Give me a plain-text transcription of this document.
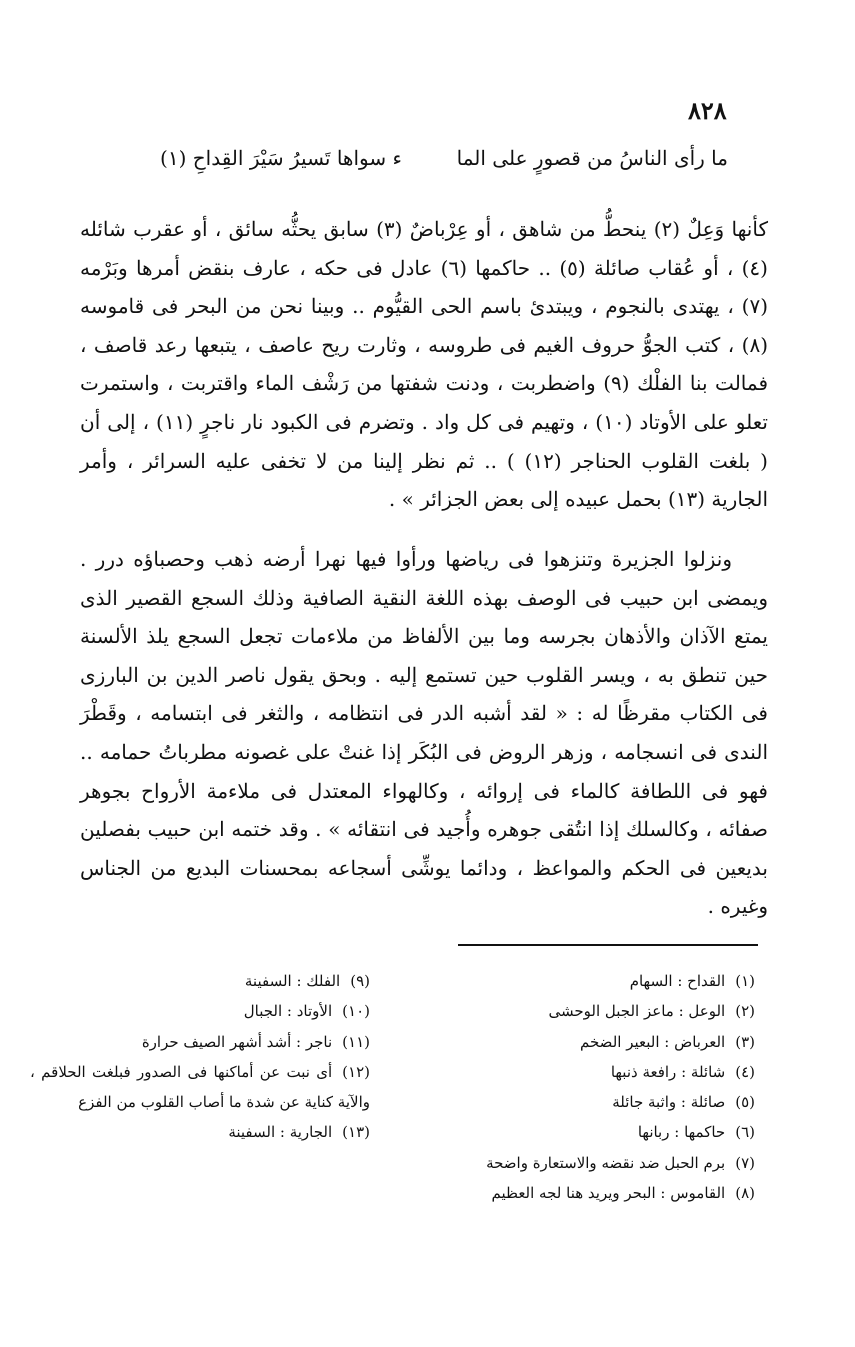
٨٢٨
ما رأى الناسُ من قصورٍ على الما
ء سواها تَسيرُ سَيْرَ القِداحِ (١)

كأنها وَعِلٌ (٢) ينحطُّ من شاهق ، أو عِرْباضٌ (٣) سابق يحثُّه سائق ، أو عقرب شائله (٤) ، أو عُقاب صائلة (٥) .. حاكمها (٦) عادل فى حكه ، عارف بنقض أمرها وبَرْمه (٧) ، يهتدى بالنجوم ، ويبتدئ باسم الحى القيُّوم .. وبينا نحن من البحر فى قاموسه (٨) ، كتب الجوُّ حروف الغيم فى طروسه ، وثارت ريح عاصف ، يتبعها رعد قاصف ، فمالت بنا الفلْك (٩) واضطربت ، ودنت شفتها من رَشْف الماء واقتربت ، واستمرت تعلو على الأوتاد (١٠) ، وتهيم فى كل واد . وتضرم فى الكبود نار ناجرٍ (١١) ، إلى أن ( بلغت القلوب الحناجر (١٢) ) .. ثم نظر إلينا من لا تخفى عليه السرائر ، وأمر الجارية (١٣) بحمل عبيده إلى بعض الجزائر » .

ونزلوا الجزيرة وتنزهوا فى رياضها ورأوا فيها نهرا أرضه ذهب وحصباؤه درر . ويمضى ابن حبيب فى الوصف بهذه اللغة النقية الصافية وذلك السجع القصير الذى يمتع الآذان والأذهان بجرسه وما بين الألفاظ من ملاءمات تجعل السجع يلذ الألسنة حين تنطق به ، ويسر القلوب حين تستمع إليه . وبحق يقول ناصر الدين بن البارزى فى الكتاب مقرظًا له : « لقد أشبه الدر فى انتظامه ، والثغر فى ابتسامه ، وقَطْرَ الندى فى انسجامه ، وزهر الروض فى البُكَر إذا غنتْ على غصونه مطرباتُ حمامه .. فهو فى اللطافة كالماء فى إروائه ، وكالهواء المعتدل فى ملاءمة الأرواح بجوهر صفائه ، وكالسلك إذا انتُقى جوهره وأُجيد فى انتقائه » . وقد ختمه ابن حبيب بفصلين بديعين فى الحكم والمواعظ ، ودائما يوشِّى أسجاعه بمحسنات البديع من الجناس وغيره .

(١)القداح : السهام

(٢)الوعل : ماعز الجبل الوحشى

(٣)العرباض : البعير الضخم

(٤)شائلة : رافعة ذنبها

(٥)صائلة : واثبة جائلة

(٦)حاكمها : ربانها

(٧)برم الحبل ضد نقضه والاستعارة واضحة

(٨)القاموس : البحر ويريد هنا لجه العظيم

(٩)الفلك : السفينة

(١٠)الأوتاد : الجبال

(١١)ناجر : أشد أشهر الصيف حرارة

(١٢)أى نبت عن أماكنها فى الصدور فبلغت الحلاقم ، والآية كناية عن شدة ما أصاب القلوب من الفزع

(١٣)الجارية : السفينة
